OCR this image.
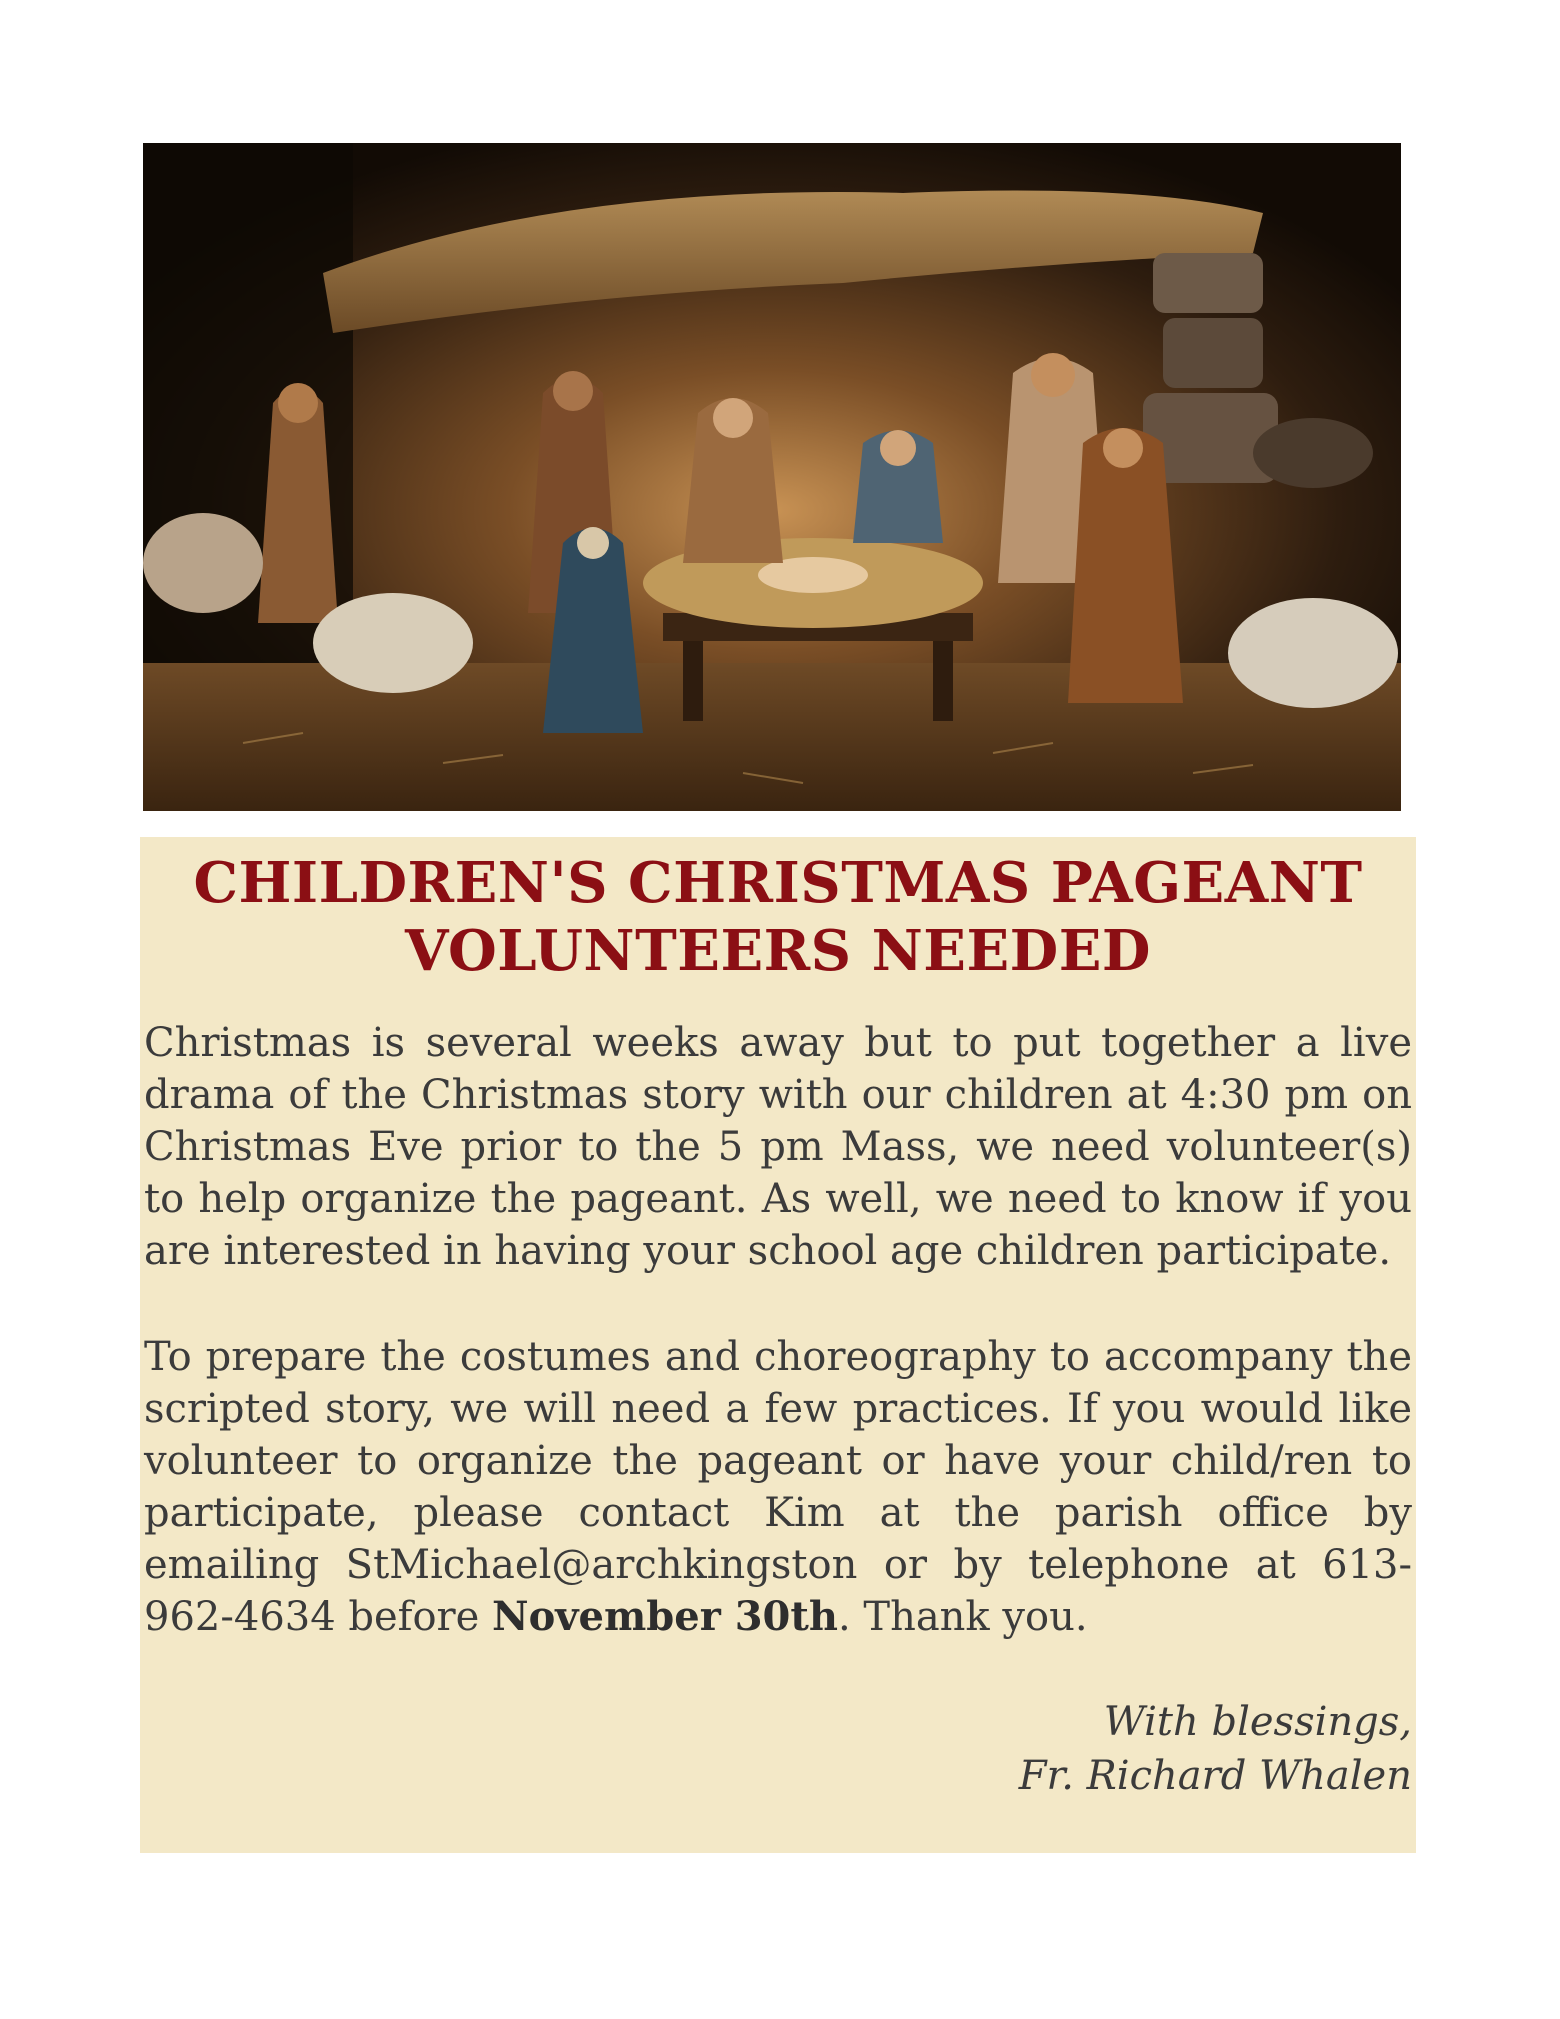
CHILDREN'S CHRISTMAS PAGEANT
VOLUNTEERS NEEDED

Christmas is several weeks away but to put together a live drama of the Christmas story with our children at 4:30 pm on Christmas Eve prior to the 5 pm Mass, we need volunteer(s) to help organize the pageant. As well, we need to know if you are interested in having your school age children participate.

To prepare the costumes and choreography to accompany the scripted story, we will need a few practices. If you would like volunteer to organize the pageant or have your child/ren to participate, please contact Kim at the parish office by emailing StMichael@archkingston or by telephone at 613-962-4634 before November 30th. Thank you.

With blessings,
Fr. Richard Whalen
